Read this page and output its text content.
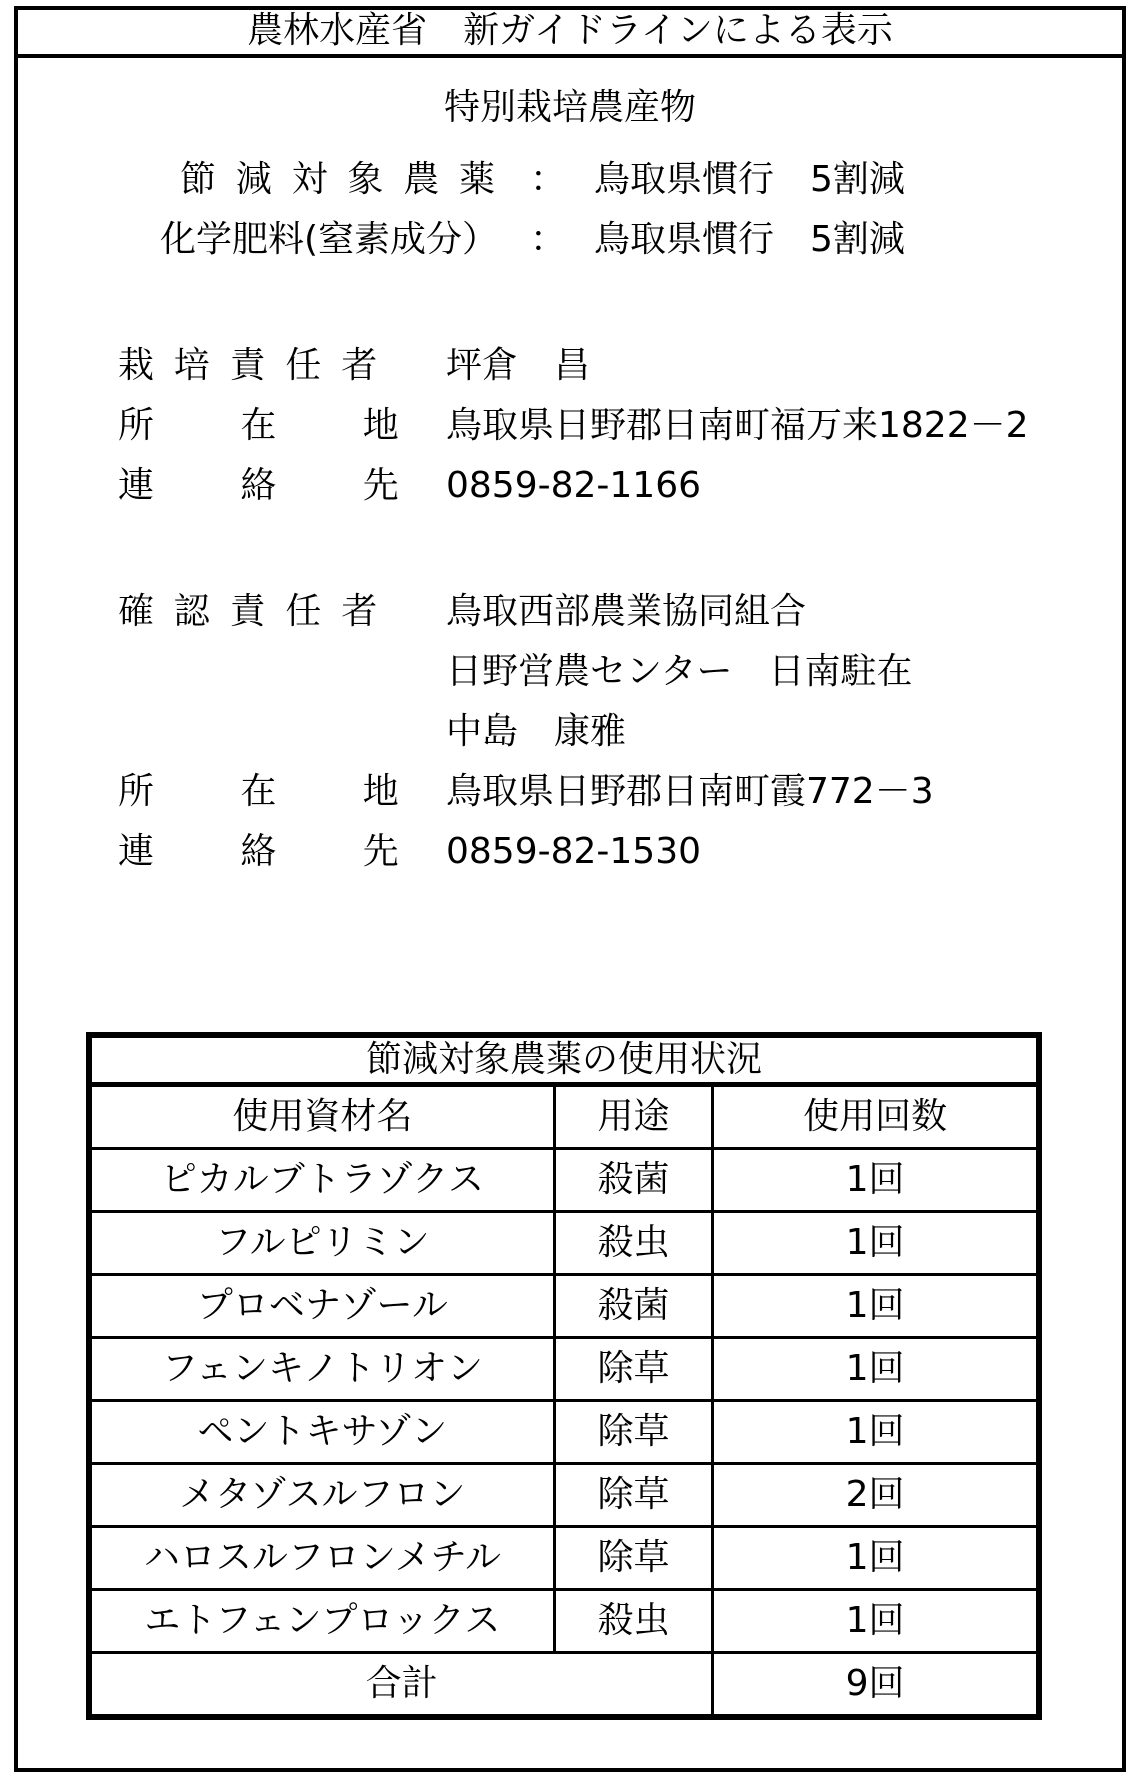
農林水産省　新ガイドラインによる表示
特別栽培農産物
節減対象農薬 ： 鳥取県慣行　5割減
化学肥料(窒素成分） ： 鳥取県慣行　5割減
栽培責任者 坪倉　昌
所在地
鳥取県日野郡日南町福万来1822－2
連絡先
0859-82-1166
確認責任者 鳥取西部農業協同組合
日野営農センター　日南駐在
中島　康雅
所在地
鳥取県日野郡日南町霞772－3
連絡先
0859-82-1530
節減対象農薬の使用状況		
使用資材名	用途	使用回数
ピカルブトラゾクス	殺菌	1回
フルピリミン	殺虫	1回
プロベナゾール	殺菌	1回
フェンキノトリオン	除草	1回
ペントキサゾン	除草	1回
メタゾスルフロン	除草	2回
ハロスルフロンメチル	除草	1回
エトフェンプロックス	殺虫	1回
合計		9回
